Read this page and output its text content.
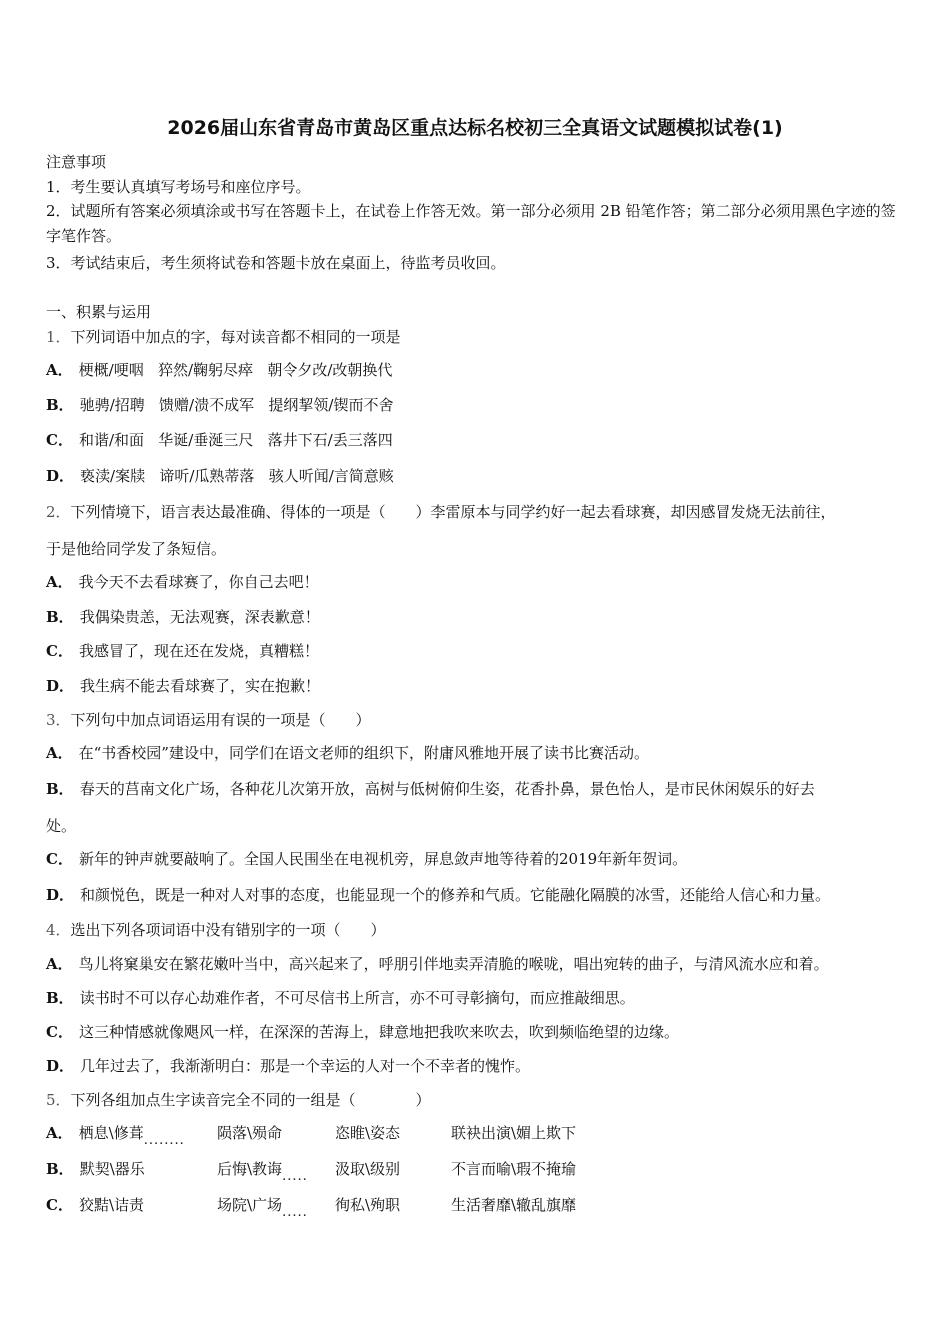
2026届山东省青岛市黄岛区重点达标名校初三全真语文试题模拟试卷(1)
注意事项
1．考生要认真填写考场号和座位序号。
2．试题所有答案必须填涂或书写在答题卡上，在试卷上作答无效。第一部分必须用 2B 铅笔作答；第二部分必须用黑色字迹的签字笔作答。
3．考试结束后，考生须将试卷和答题卡放在桌面上，待监考员收回。
一、积累与运用
1．下列词语中加点的字，每对读音都不相同的一项是
A． 梗概/哽咽   猝然/鞠躬尽瘁   朝令夕改/改朝换代
B． 驰骋/招聘   馈赠/溃不成军   提纲挈领/锲而不舍
C． 和谐/和面   华诞/垂涎三尺   落井下石/丢三落四
D． 亵渎/案牍   谛听/瓜熟蒂落   骇人听闻/言简意赅
2．下列情境下，语言表达最准确、得体的一项是（　　）李雷原本与同学约好一起去看球赛，却因感冒发烧无法前往，
于是他给同学发了条短信。
A． 我今天不去看球赛了，你自己去吧！
B． 我偶染贵恙，无法观赛，深表歉意！
C． 我感冒了，现在还在发烧，真糟糕！
D． 我生病不能去看球赛了，实在抱歉！
3．下列句中加点词语运用有误的一项是（　　）
A． 在“书香校园”建设中，同学们在语文老师的组织下，附庸风雅地开展了读书比赛活动。
B． 春天的莒南文化广场，各种花儿次第开放，高树与低树俯仰生姿，花香扑鼻，景色怡人，是市民休闲娱乐的好去
处。
C． 新年的钟声就要敲响了。全国人民围坐在电视机旁，屏息敛声地等待着的2019年新年贺词。
D． 和颜悦色，既是一种对人对事的态度，也能显现一个的修养和气质。它能融化隔膜的冰雪，还能给人信心和力量。
4．选出下列各项词语中没有错别字的一项（　　）
A． 鸟儿将窠巢安在繁花嫩叶当中，高兴起来了，呼朋引伴地卖弄清脆的喉咙，唱出宛转的曲子，与清风流水应和着。
B． 读书时不可以存心劫难作者，不可尽信书上所言，亦不可寻彰摘句，而应推敲细思。
C． 这三种情感就像飓风一样，在深深的苦海上，肆意地把我吹来吹去，吹到频临绝望的边缘。
D． 几年过去了，我渐渐明白：那是一个幸运的人对一个不幸者的愧怍。
5．下列各组加点生字读音完全不同的一组是（　　　　）
A． 栖息\修葺........ 陨落\殒命	恣睢\姿态	联袂出演\媚上欺下
B． 默契\器乐	后悔\教诲..... 汲取\级别	不言而喻\瑕不掩瑜
C． 狡黠\诘责	场院\广场..... 徇私\殉职	生活奢靡\辙乱旗靡
